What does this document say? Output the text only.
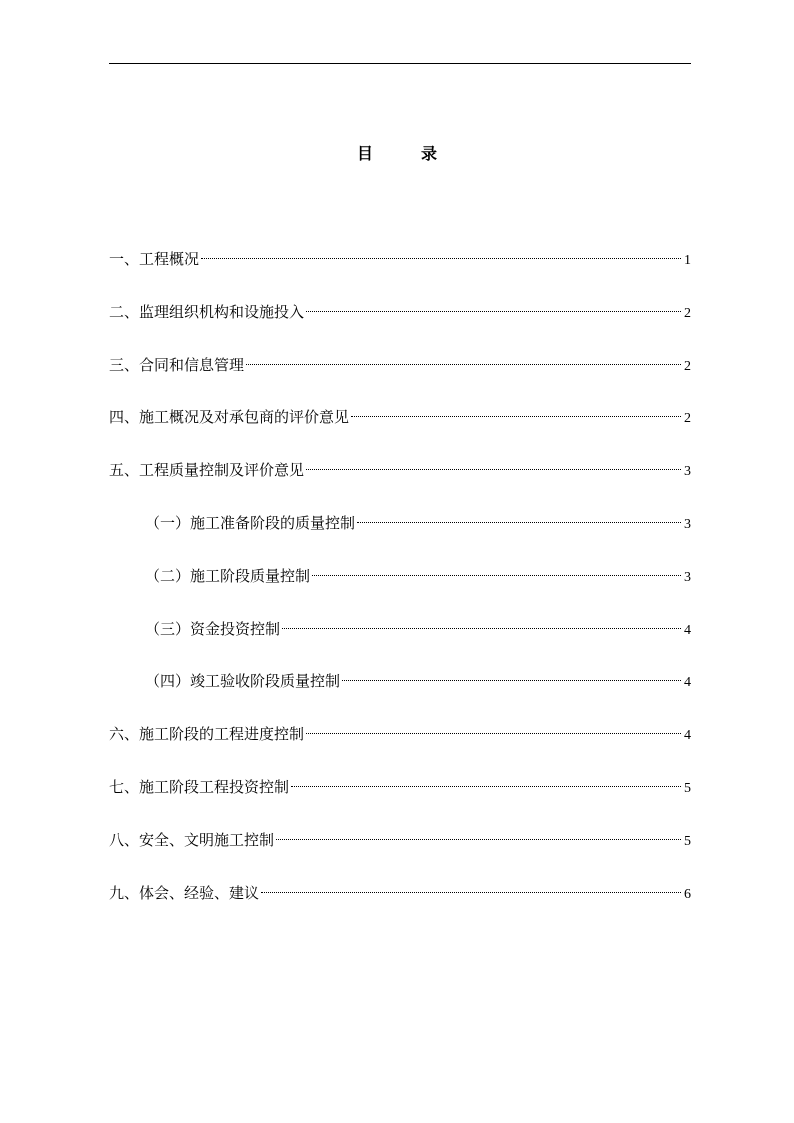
目　　　录
一、工程概况	1
二、监理组织机构和设施投入	2
三、合同和信息管理	2
四、施工概况及对承包商的评价意见	2
五、工程质量控制及评价意见	3
（一）施工准备阶段的质量控制	3
（二）施工阶段质量控制	3
（三）资金投资控制	4
（四）竣工验收阶段质量控制	4
六、施工阶段的工程进度控制	4
七、施工阶段工程投资控制	5
八、安全、文明施工控制	5
九、体会、经验、建议	6
